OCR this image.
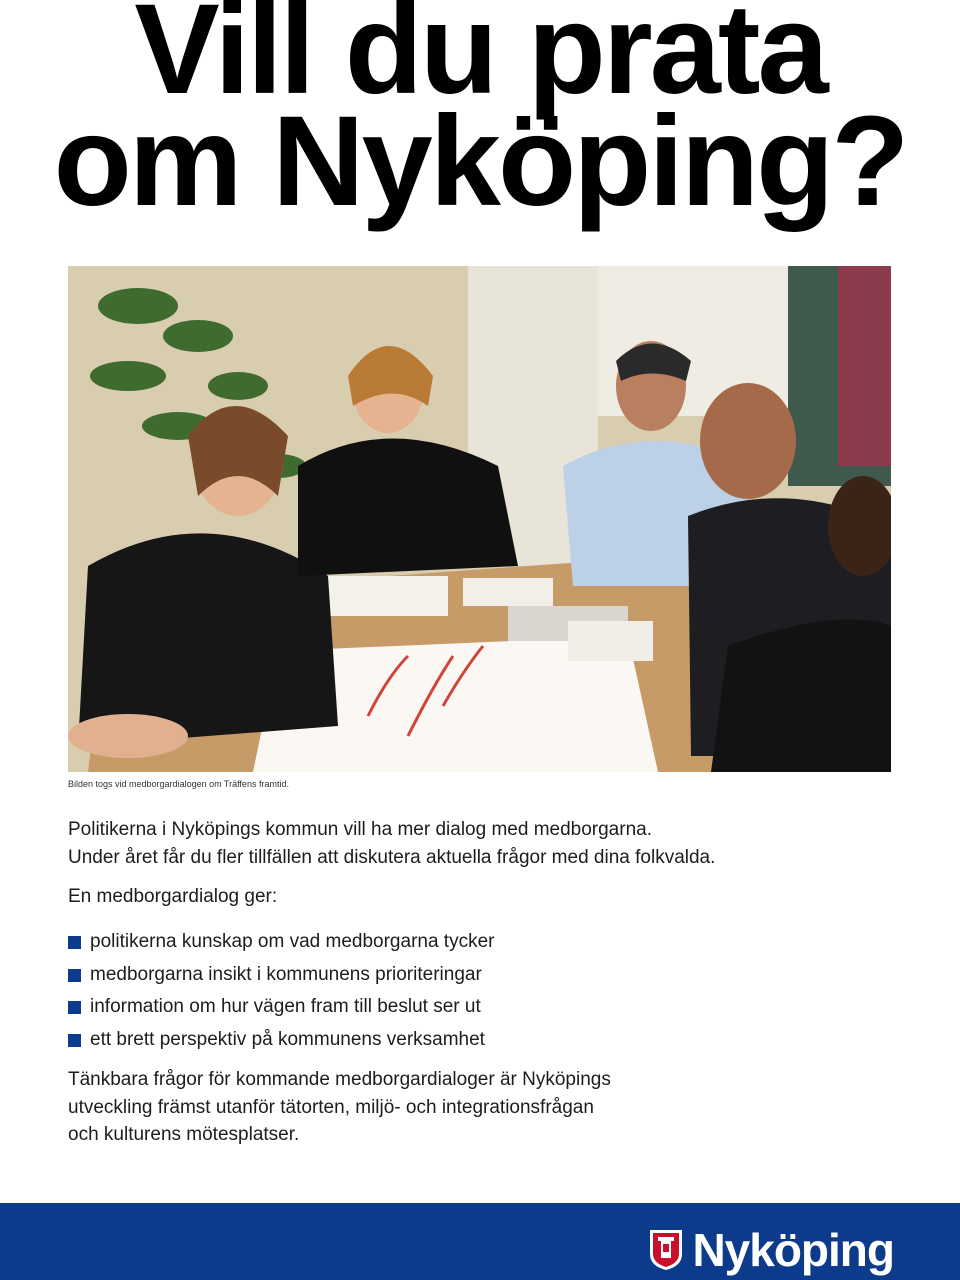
Vill du prata
om Nyköping?
Bilden togs vid medborgardialogen om Träffens framtid.
Politikerna i Nyköpings kommun vill ha mer dialog med medborgarna.
Under året får du fler tillfällen att diskutera aktuella frågor med dina folkvalda.
En medborgardialog ger:
politikerna kunskap om vad medborgarna tycker
medborgarna insikt i kommunens prioriteringar
information om hur vägen fram till beslut ser ut
ett brett perspektiv på kommunens verksamhet
Tänkbara frågor för kommande medborgardialoger är Nyköpings
utveckling främst utanför tätorten, miljö- och integrationsfrågan
och kulturens mötesplatser.
Nyköping
